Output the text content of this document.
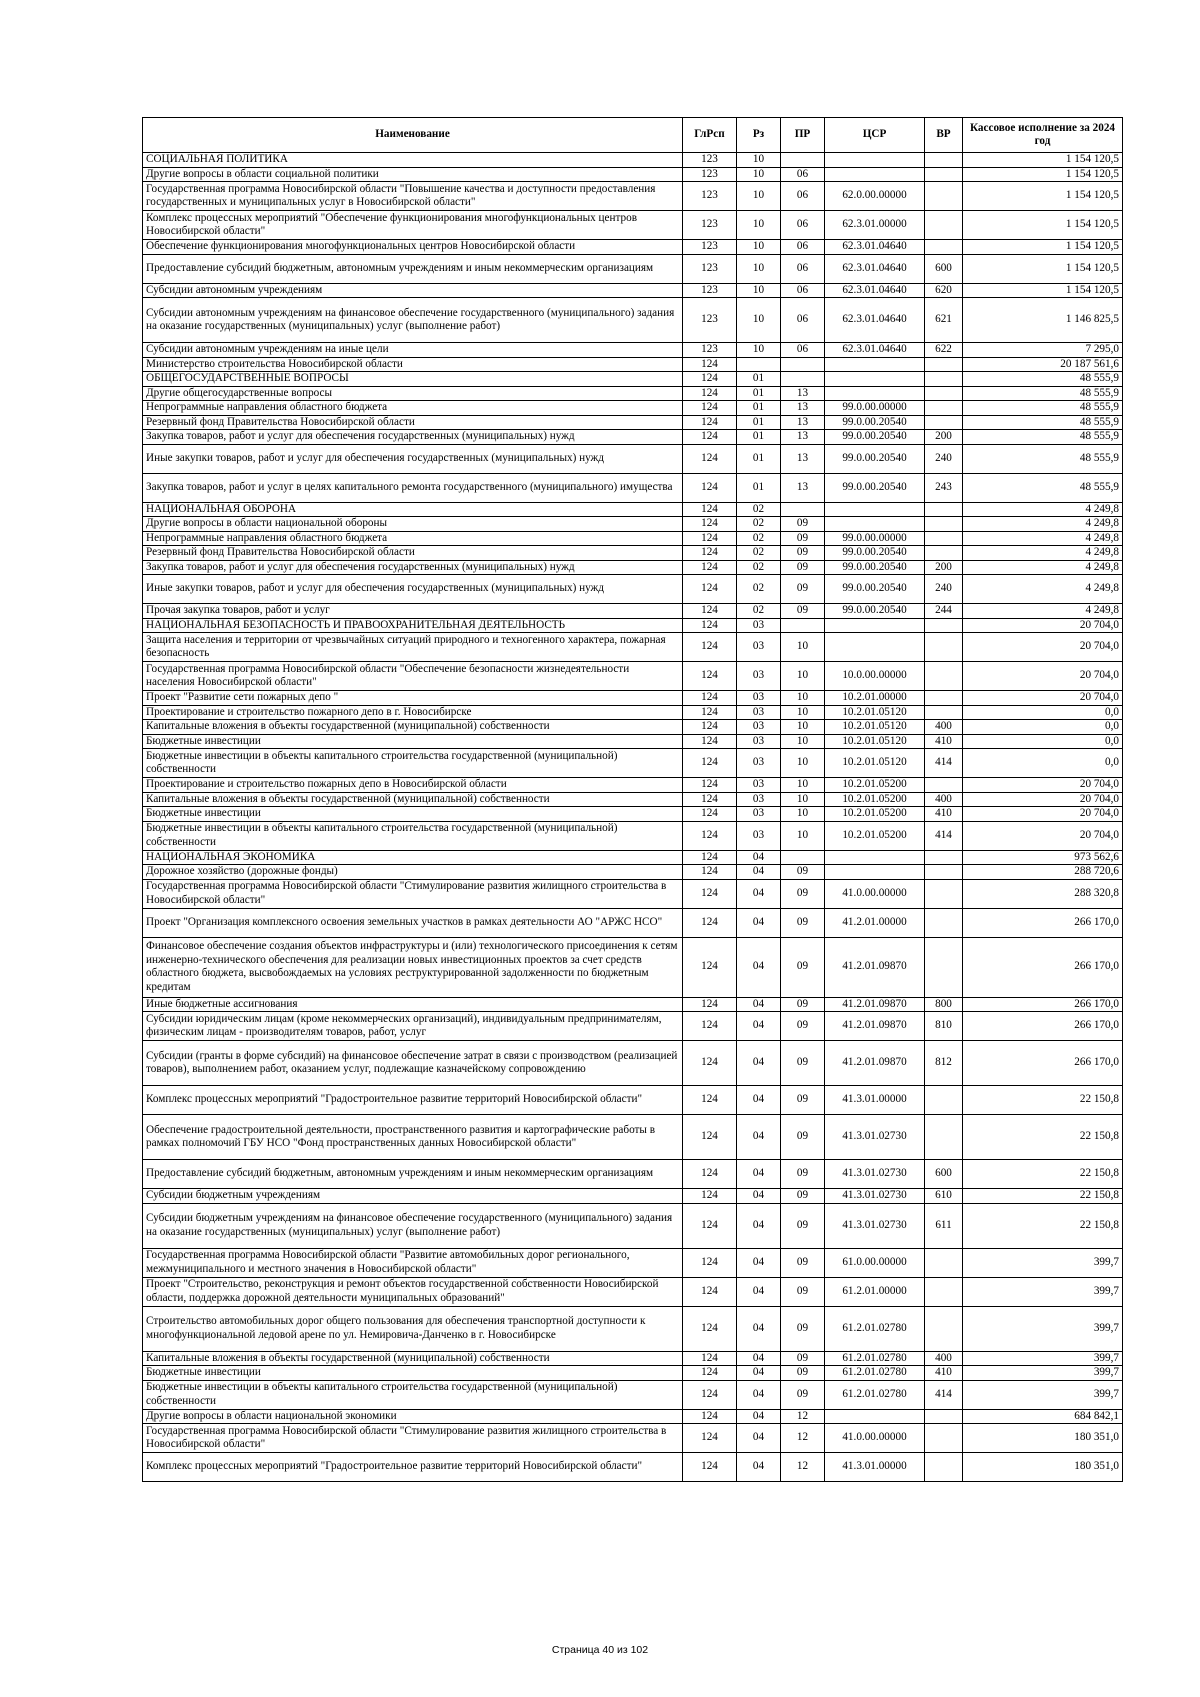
Наименование	ГлРсп	Рз	ПР	ЦСР	ВР	Кассовое исполнение за 2024 год
СОЦИАЛЬНАЯ ПОЛИТИКА	123	10				1 154 120,5
Другие вопросы в области социальной политики	123	10	06			1 154 120,5
Государственная программа Новосибирской области "Повышение качества и доступности предоставления государственных и муниципальных услуг в Новосибирской области"	123	10	06	62.0.00.00000		1 154 120,5
Комплекс процессных мероприятий "Обеспечение функционирования многофункциональных центров Новосибирской области"	123	10	06	62.3.01.00000		1 154 120,5
Обеспечение функционирования многофункциональных центров Новосибирской области	123	10	06	62.3.01.04640		1 154 120,5
Предоставление субсидий бюджетным, автономным учреждениям и иным некоммерческим организациям	123	10	06	62.3.01.04640	600	1 154 120,5
Субсидии автономным учреждениям	123	10	06	62.3.01.04640	620	1 154 120,5
Субсидии автономным учреждениям на финансовое обеспечение государственного (муниципального) задания на оказание государственных (муниципальных) услуг (выполнение работ)	123	10	06	62.3.01.04640	621	1 146 825,5
Субсидии автономным учреждениям на иные цели	123	10	06	62.3.01.04640	622	7 295,0
Министерство строительства Новосибирской области	124					20 187 561,6
ОБЩЕГОСУДАРСТВЕННЫЕ ВОПРОСЫ	124	01				48 555,9
Другие общегосударственные вопросы	124	01	13			48 555,9
Непрограммные направления областного бюджета	124	01	13	99.0.00.00000		48 555,9
Резервный фонд Правительства Новосибирской области	124	01	13	99.0.00.20540		48 555,9
Закупка товаров, работ и услуг для обеспечения государственных (муниципальных) нужд	124	01	13	99.0.00.20540	200	48 555,9
Иные закупки товаров, работ и услуг для обеспечения государственных (муниципальных) нужд	124	01	13	99.0.00.20540	240	48 555,9
Закупка товаров, работ и услуг в целях капитального ремонта государственного (муниципального) имущества	124	01	13	99.0.00.20540	243	48 555,9
НАЦИОНАЛЬНАЯ ОБОРОНА	124	02				4 249,8
Другие вопросы в области национальной обороны	124	02	09			4 249,8
Непрограммные направления областного бюджета	124	02	09	99.0.00.00000		4 249,8
Резервный фонд Правительства Новосибирской области	124	02	09	99.0.00.20540		4 249,8
Закупка товаров, работ и услуг для обеспечения государственных (муниципальных) нужд	124	02	09	99.0.00.20540	200	4 249,8
Иные закупки товаров, работ и услуг для обеспечения государственных (муниципальных) нужд	124	02	09	99.0.00.20540	240	4 249,8
Прочая закупка товаров, работ и услуг	124	02	09	99.0.00.20540	244	4 249,8
НАЦИОНАЛЬНАЯ БЕЗОПАСНОСТЬ И ПРАВООХРАНИТЕЛЬНАЯ ДЕЯТЕЛЬНОСТЬ	124	03				20 704,0
Защита населения и территории от чрезвычайных ситуаций природного и техногенного характера, пожарная безопасность	124	03	10			20 704,0
Государственная программа Новосибирской области "Обеспечение безопасности жизнедеятельности населения Новосибирской области"	124	03	10	10.0.00.00000		20 704,0
Проект "Развитие сети пожарных депо "	124	03	10	10.2.01.00000		20 704,0
Проектирование и строительство пожарного депо в г. Новосибирске	124	03	10	10.2.01.05120		0,0
Капитальные вложения в объекты государственной (муниципальной) собственности	124	03	10	10.2.01.05120	400	0,0
Бюджетные инвестиции	124	03	10	10.2.01.05120	410	0,0
Бюджетные инвестиции в объекты капитального строительства государственной (муниципальной) собственности	124	03	10	10.2.01.05120	414	0,0
Проектирование и строительство пожарных депо в Новосибирской области	124	03	10	10.2.01.05200		20 704,0
Капитальные вложения в объекты государственной (муниципальной) собственности	124	03	10	10.2.01.05200	400	20 704,0
Бюджетные инвестиции	124	03	10	10.2.01.05200	410	20 704,0
Бюджетные инвестиции в объекты капитального строительства государственной (муниципальной) собственности	124	03	10	10.2.01.05200	414	20 704,0
НАЦИОНАЛЬНАЯ ЭКОНОМИКА	124	04				973 562,6
Дорожное хозяйство (дорожные фонды)	124	04	09			288 720,6
Государственная программа Новосибирской области "Стимулирование развития жилищного строительства в Новосибирской области"	124	04	09	41.0.00.00000		288 320,8
Проект "Организация комплексного освоения земельных участков в рамках деятельности АО "АРЖС НСО"	124	04	09	41.2.01.00000		266 170,0
Финансовое обеспечение создания объектов инфраструктуры и (или) технологического присоединения к сетям инженерно-технического обеспечения для реализации новых инвестиционных проектов за счет средств областного бюджета, высвобождаемых на условиях реструктурированной задолженности по бюджетным кредитам	124	04	09	41.2.01.09870		266 170,0
Иные бюджетные ассигнования	124	04	09	41.2.01.09870	800	266 170,0
Субсидии юридическим лицам (кроме некоммерческих организаций), индивидуальным предпринимателям, физическим лицам - производителям товаров, работ, услуг	124	04	09	41.2.01.09870	810	266 170,0
Субсидии (гранты в форме субсидий) на финансовое обеспечение затрат в связи с производством (реализацией товаров), выполнением работ, оказанием услуг, подлежащие казначейскому сопровождению	124	04	09	41.2.01.09870	812	266 170,0
Комплекс процессных мероприятий "Градостроительное развитие территорий Новосибирской области"	124	04	09	41.3.01.00000		22 150,8
Обеспечение градостроительной деятельности, пространственного развития и картографические работы в рамках полномочий ГБУ НСО "Фонд пространственных данных Новосибирской области"	124	04	09	41.3.01.02730		22 150,8
Предоставление субсидий бюджетным, автономным учреждениям и иным некоммерческим организациям	124	04	09	41.3.01.02730	600	22 150,8
Субсидии бюджетным учреждениям	124	04	09	41.3.01.02730	610	22 150,8
Субсидии бюджетным учреждениям на финансовое обеспечение государственного (муниципального) задания на оказание государственных (муниципальных) услуг (выполнение работ)	124	04	09	41.3.01.02730	611	22 150,8
Государственная программа Новосибирской области "Развитие автомобильных дорог регионального, межмуниципального и местного значения в Новосибирской области"	124	04	09	61.0.00.00000		399,7
Проект "Строительство, реконструкция и ремонт объектов государственной собственности Новосибирской области, поддержка дорожной деятельности муниципальных образований"	124	04	09	61.2.01.00000		399,7
Строительство автомобильных дорог общего пользования для обеспечения транспортной доступности к многофункциональной ледовой арене по ул. Немировича-Данченко в г. Новосибирске	124	04	09	61.2.01.02780		399,7
Капитальные вложения в объекты государственной (муниципальной) собственности	124	04	09	61.2.01.02780	400	399,7
Бюджетные инвестиции	124	04	09	61.2.01.02780	410	399,7
Бюджетные инвестиции в объекты капитального строительства государственной (муниципальной) собственности	124	04	09	61.2.01.02780	414	399,7
Другие вопросы в области национальной экономики	124	04	12			684 842,1
Государственная программа Новосибирской области "Стимулирование развития жилищного строительства в Новосибирской области"	124	04	12	41.0.00.00000		180 351,0
Комплекс процессных мероприятий "Градостроительное развитие территорий Новосибирской области"	124	04	12	41.3.01.00000		180 351,0
Страница 40 из 102
